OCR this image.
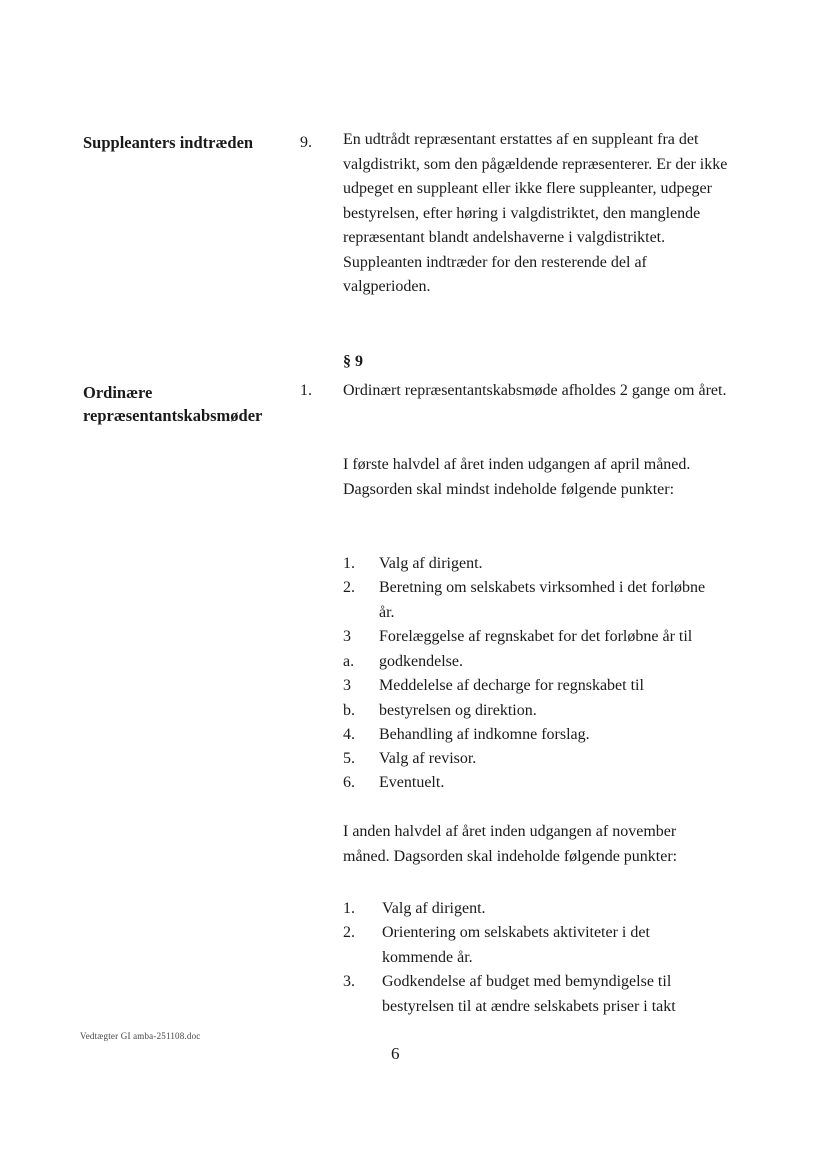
Suppleanters indtræden	9. En udtrådt repræsentant erstattes af en suppleant fra det valgdistrikt, som den pågældende repræsenterer. Er der ikke udpeget en suppleant eller ikke flere suppleanter, udpeger bestyrelsen, efter høring i valgdistriktet, den manglende repræsentant blandt andelshaverne i valgdistriktet. Suppleanten indtræder for den resterende del af valgperioden.
§ 9
Ordinære repræsentantskabsmøder
1. Ordinært repræsentantskabsmøde afholdes 2 gange om året.
I første halvdel af året inden udgangen af april måned. Dagsorden skal mindst indeholde følgende punkter:
1. Valg af dirigent.
2. Beretning om selskabets virksomhed i det forløbne år.
3 a.
Forelæggelse af regnskabet for det forløbne år til godkendelse.
3 b.
Meddelelse af decharge for regnskabet til bestyrelsen og direktion.
4. Behandling af indkomne forslag.
5. Valg af revisor.
6. Eventuelt.
I anden halvdel af året inden udgangen af november måned. Dagsorden skal indeholde følgende punkter:
1. Valg af dirigent.
2. Orientering om selskabets aktiviteter i det kommende år.
3. Godkendelse af budget med bemyndigelse til bestyrelsen til at ændre selskabets priser i takt
Vedtægter GI amba-251108.doc
6
